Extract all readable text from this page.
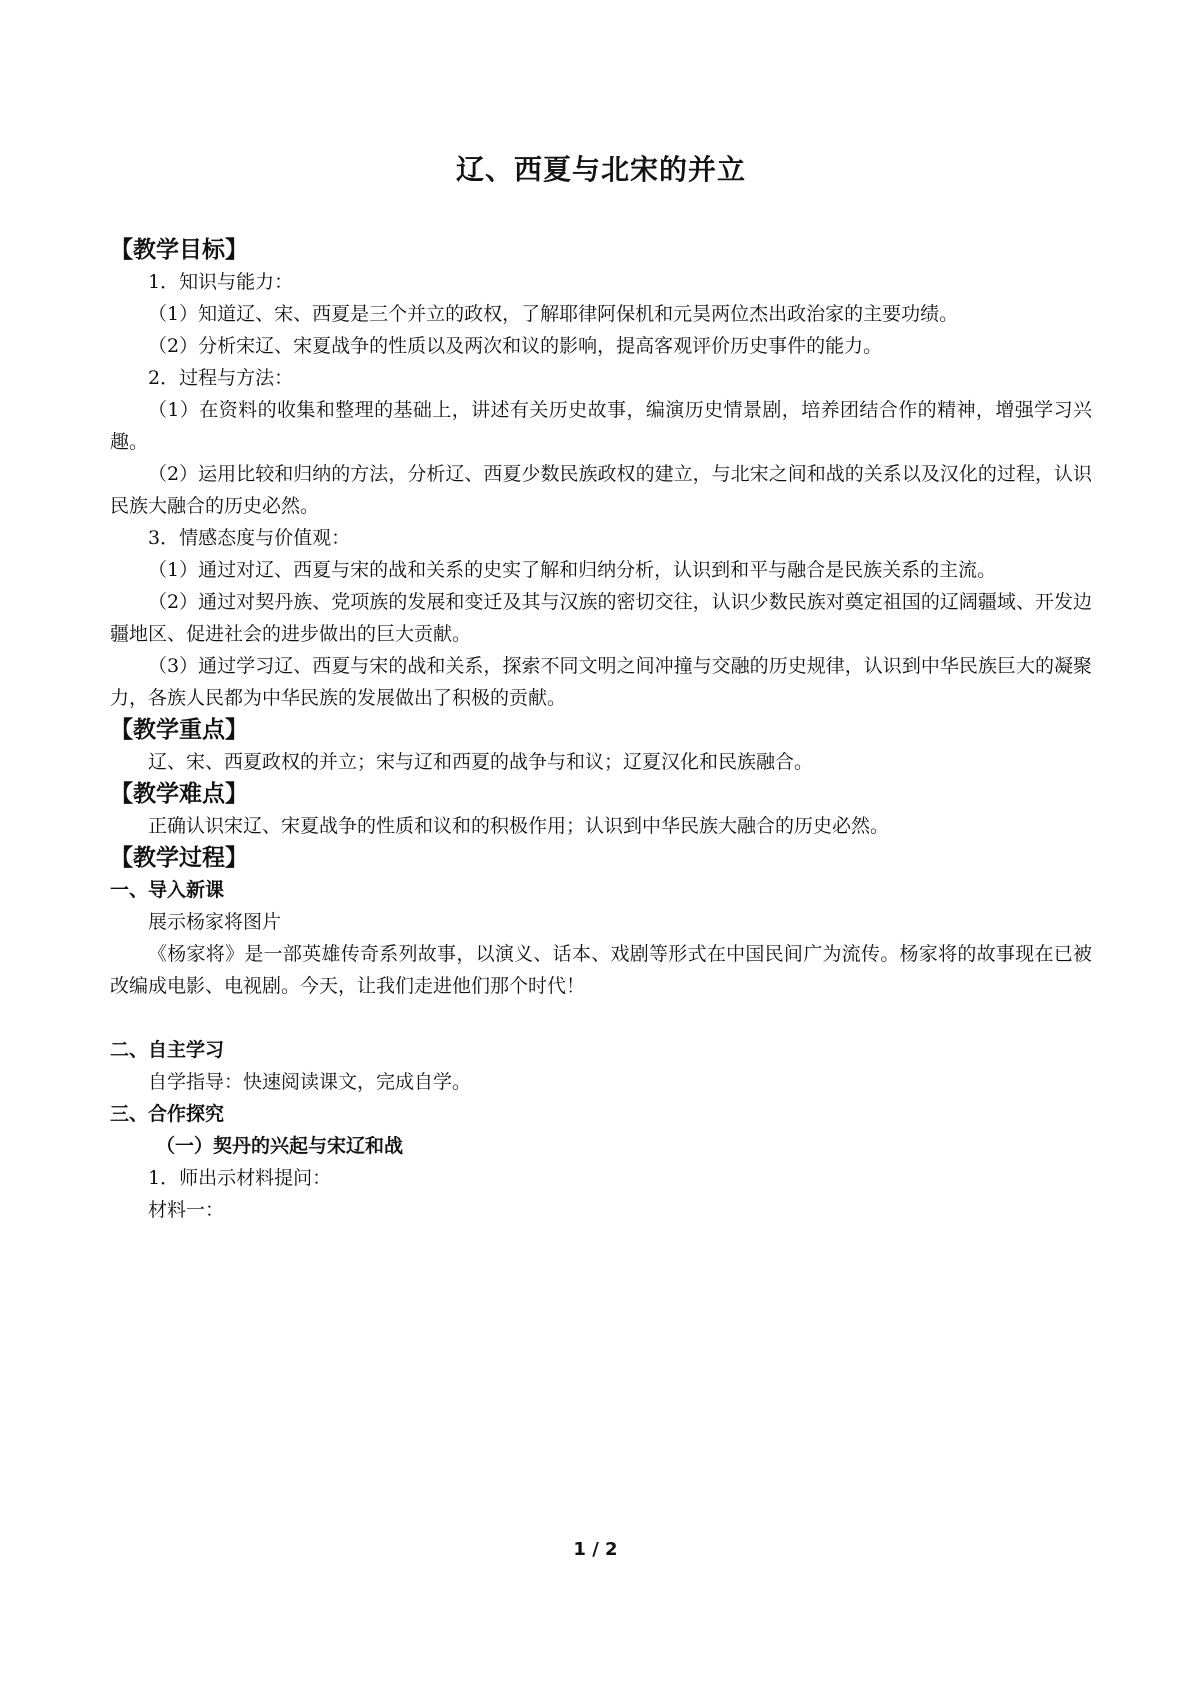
辽、西夏与北宋的并立
【教学目标】

1．知识与能力：

（1）知道辽、宋、西夏是三个并立的政权，了解耶律阿保机和元昊两位杰出政治家的主要功绩。

（2）分析宋辽、宋夏战争的性质以及两次和议的影响，提高客观评价历史事件的能力。

2．过程与方法：

（1）在资料的收集和整理的基础上，讲述有关历史故事，编演历史情景剧，培养团结合作的精神，增强学习兴趣。

（2）运用比较和归纳的方法，分析辽、西夏少数民族政权的建立，与北宋之间和战的关系以及汉化的过程，认识民族大融合的历史必然。

3．情感态度与价值观：

（1）通过对辽、西夏与宋的战和关系的史实了解和归纳分析，认识到和平与融合是民族关系的主流。

（2）通过对契丹族、党项族的发展和变迁及其与汉族的密切交往，认识少数民族对奠定祖国的辽阔疆域、开发边疆地区、促进社会的进步做出的巨大贡献。

（3）通过学习辽、西夏与宋的战和关系，探索不同文明之间冲撞与交融的历史规律，认识到中华民族巨大的凝聚力，各族人民都为中华民族的发展做出了积极的贡献。

【教学重点】

辽、宋、西夏政权的并立；宋与辽和西夏的战争与和议；辽夏汉化和民族融合。

【教学难点】

正确认识宋辽、宋夏战争的性质和议和的积极作用；认识到中华民族大融合的历史必然。

【教学过程】
一、导入新课

展示杨家将图片

《杨家将》是一部英雄传奇系列故事，以演义、话本、戏剧等形式在中国民间广为流传。杨家将的故事现在已被改编成电影、电视剧。今天，让我们走进他们那个时代！

二、自主学习

自学指导：快速阅读课文，完成自学。

三、合作探究
（一）契丹的兴起与宋辽和战

1．师出示材料提问：

材料一：

1 / 2
